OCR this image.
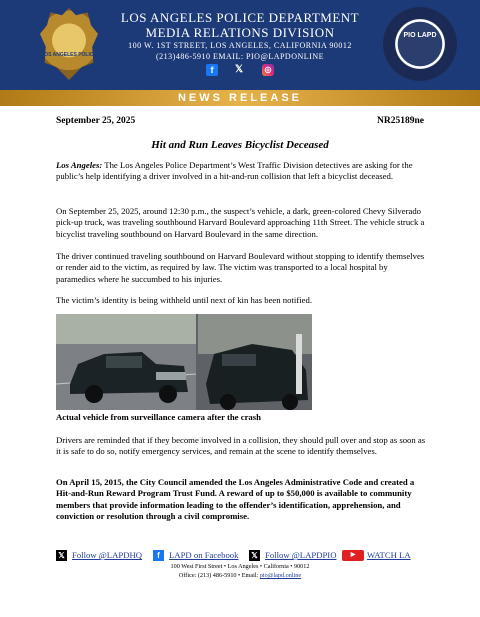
LOS ANGELES POLICE
PIO LAPD
LOS ANGELES POLICE DEPARTMENT
MEDIA RELATIONS DIVISION
100 W. 1ST STREET, LOS ANGELES, CALIFORNIA 90012
(213)486-5910 EMAIL: PIO@LAPDONLINE
f	𝕏	◎
NEWS RELEASE
September 25, 2025	NR25189ne
Hit and Run Leaves Bicyclist Deceased
Los Angeles: The Los Angeles Police Department’s West Traffic Division detectives are asking for the public’s help identifying a driver involved in a hit-and-run collision that left a bicyclist deceased.
On September 25, 2025, around 12:30 p.m., the suspect’s vehicle, a dark, green-colored Chevy Silverado pick-up truck, was traveling southbound Harvard Boulevard approaching 11th Street. The vehicle struck a bicyclist traveling southbound on Harvard Boulevard in the same direction.
The driver continued traveling southbound on Harvard Boulevard without stopping to identify themselves or render aid to the victim, as required by law. The victim was transported to a local hospital by paramedics where he succumbed to his injuries.
The victim’s identity is being withheld until next of kin has been notified.
Actual vehicle from surveillance camera after the crash
Drivers are reminded that if they become involved in a collision, they should pull over and stop as soon as it is safe to do so, notify emergency services, and remain at the scene to identify themselves.
On April 15, 2015, the City Council amended the Los Angeles Administrative Code and created a Hit-and-Run Reward Program Trust Fund. A reward of up to $50,000 is available to community members that provide information leading to the offender’s identification, apprehension, and conviction or resolution through a civil compromise.
𝕏 Follow @LAPDHQ	f	LAPD on Facebook 𝕏 Follow @LAPDPIO	▶	WATCH LA
100 West First Street • Los Angeles • California • 90012
Office: (213) 486-5910 • Email: pio@lapd.online
